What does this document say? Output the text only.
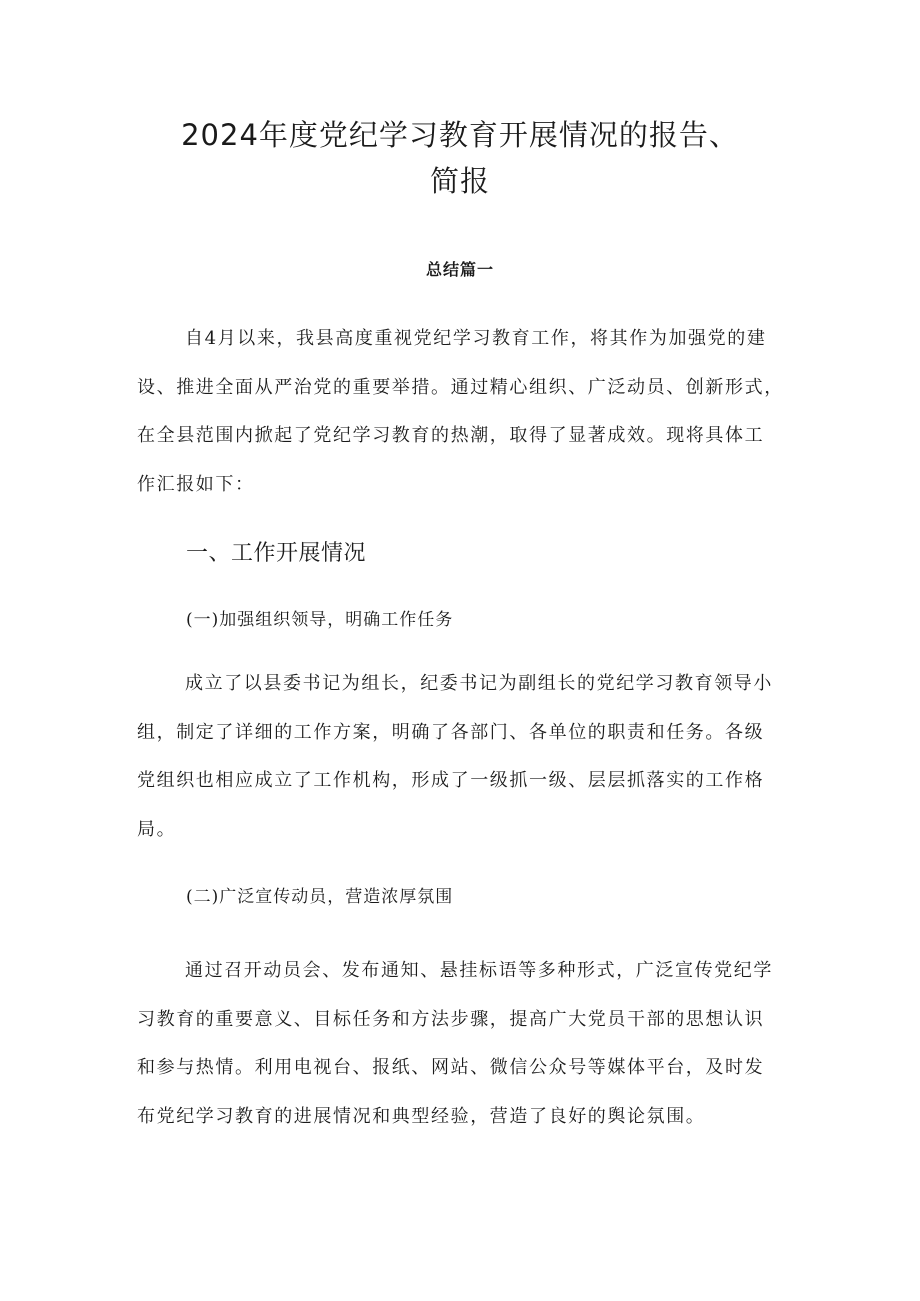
2024年度党纪学习教育开展情况的报告、
简报
总结篇一
自4月以来，我县高度重视党纪学习教育工作，将其作为加强党的建
设、推进全面从严治党的重要举措。通过精心组织、广泛动员、创新形式，
在全县范围内掀起了党纪学习教育的热潮，取得了显著成效。现将具体工
作汇报如下：
一、工作开展情况
(一)加强组织领导，明确工作任务
成立了以县委书记为组长，纪委书记为副组长的党纪学习教育领导小
组，制定了详细的工作方案，明确了各部门、各单位的职责和任务。各级
党组织也相应成立了工作机构，形成了一级抓一级、层层抓落实的工作格
局。
(二)广泛宣传动员，营造浓厚氛围
通过召开动员会、发布通知、悬挂标语等多种形式，广泛宣传党纪学
习教育的重要意义、目标任务和方法步骤，提高广大党员干部的思想认识
和参与热情。利用电视台、报纸、网站、微信公众号等媒体平台，及时发
布党纪学习教育的进展情况和典型经验，营造了良好的舆论氛围。
